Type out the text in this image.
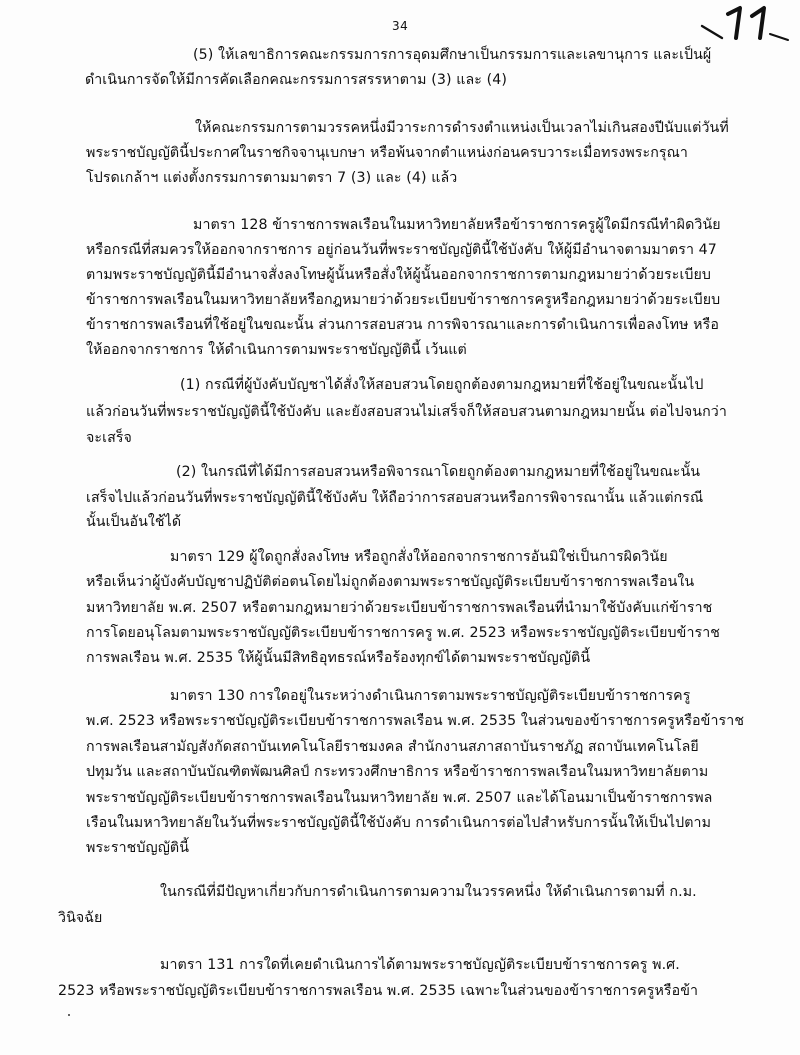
34
(5) ให้เลขาธิการคณะกรรมการการอุดมศึกษาเป็นกรรมการและเลขานุการ และเป็นผู้
ดำเนินการจัดให้มีการคัดเลือกคณะกรรมการสรรหาตาม (3) และ (4)
ให้คณะกรรมการตามวรรคหนึ่งมีวาระการดำรงตำแหน่งเป็นเวลาไม่เกินสองปีนับแต่วันที่
พระราชบัญญัตินี้ประกาศในราชกิจจานุเบกษา หรือพ้นจากตำแหน่งก่อนครบวาระเมื่อทรงพระกรุณา
โปรดเกล้าฯ แต่งตั้งกรรมการตามมาตรา 7 (3) และ (4) แล้ว
มาตรา 128 ข้าราชการพลเรือนในมหาวิทยาลัยหรือข้าราชการครูผู้ใดมีกรณีทำผิดวินัย
หรือกรณีที่สมควรให้ออกจากราชการ อยู่ก่อนวันที่พระราชบัญญัตินี้ใช้บังคับ ให้ผู้มีอำนาจตามมาตรา 47
ตามพระราชบัญญัตินี้มีอำนาจสั่งลงโทษผู้นั้นหรือสั่งให้ผู้นั้นออกจากราชการตามกฎหมายว่าด้วยระเบียบ
ข้าราชการพลเรือนในมหาวิทยาลัยหรือกฎหมายว่าด้วยระเบียบข้าราชการครูหรือกฎหมายว่าด้วยระเบียบ
ข้าราชการพลเรือนที่ใช้อยู่ในขณะนั้น ส่วนการสอบสวน การพิจารณาและการดำเนินการเพื่อลงโทษ หรือ
ให้ออกจากราชการ ให้ดำเนินการตามพระราชบัญญัตินี้ เว้นแต่
(1) กรณีที่ผู้บังคับบัญชาได้สั่งให้สอบสวนโดยถูกต้องตามกฎหมายที่ใช้อยู่ในขณะนั้นไป
แล้วก่อนวันที่พระราชบัญญัตินี้ใช้บังคับ และยังสอบสวนไม่เสร็จก็ให้สอบสวนตามกฎหมายนั้น ต่อไปจนกว่า
จะเสร็จ
(2) ในกรณีที่ได้มีการสอบสวนหรือพิจารณาโดยถูกต้องตามกฎหมายที่ใช้อยู่ในขณะนั้น
เสร็จไปแล้วก่อนวันที่พระราชบัญญัตินี้ใช้บังคับ ให้ถือว่าการสอบสวนหรือการพิจารณานั้น แล้วแต่กรณี
นั้นเป็นอันใช้ได้
มาตรา 129 ผู้ใดถูกสั่งลงโทษ หรือถูกสั่งให้ออกจากราชการอันมิใช่เป็นการผิดวินัย
หรือเห็นว่าผู้บังคับบัญชาปฏิบัติต่อตนโดยไม่ถูกต้องตามพระราชบัญญัติระเบียบข้าราชการพลเรือนใน
มหาวิทยาลัย พ.ศ. 2507 หรือตามกฎหมายว่าด้วยระเบียบข้าราชการพลเรือนที่นำมาใช้บังคับแก่ข้าราช
การโดยอนุโลมตามพระราชบัญญัติระเบียบข้าราชการครู พ.ศ. 2523 หรือพระราชบัญญัติระเบียบข้าราช
การพลเรือน พ.ศ. 2535 ให้ผู้นั้นมีสิทธิอุทธรณ์หรือร้องทุกข์ได้ตามพระราชบัญญัตินี้
มาตรา 130 การใดอยู่ในระหว่างดำเนินการตามพระราชบัญญัติระเบียบข้าราชการครู
พ.ศ. 2523 หรือพระราชบัญญัติระเบียบข้าราชการพลเรือน พ.ศ. 2535 ในส่วนของข้าราชการครูหรือข้าราช
การพลเรือนสามัญสังกัดสถาบันเทคโนโลยีราชมงคล สำนักงานสภาสถาบันราชภัฏ สถาบันเทคโนโลยี
ปทุมวัน และสถาบันบัณฑิตพัฒนศิลป์ กระทรวงศึกษาธิการ หรือข้าราชการพลเรือนในมหาวิทยาลัยตาม
พระราชบัญญัติระเบียบข้าราชการพลเรือนในมหาวิทยาลัย พ.ศ. 2507 และได้โอนมาเป็นข้าราชการพล
เรือนในมหาวิทยาลัยในวันที่พระราชบัญญัตินี้ใช้บังคับ การดำเนินการต่อไปสำหรับการนั้นให้เป็นไปตาม
พระราชบัญญัตินี้
ในกรณีที่มีปัญหาเกี่ยวกับการดำเนินการตามความในวรรคหนึ่ง ให้ดำเนินการตามที่ ก.ม.
วินิจฉัย
มาตรา 131 การใดที่เคยดำเนินการได้ตามพระราชบัญญัติระเบียบข้าราชการครู พ.ศ.
2523 หรือพระราชบัญญัติระเบียบข้าราชการพลเรือน พ.ศ. 2535 เฉพาะในส่วนของข้าราชการครูหรือข้า
